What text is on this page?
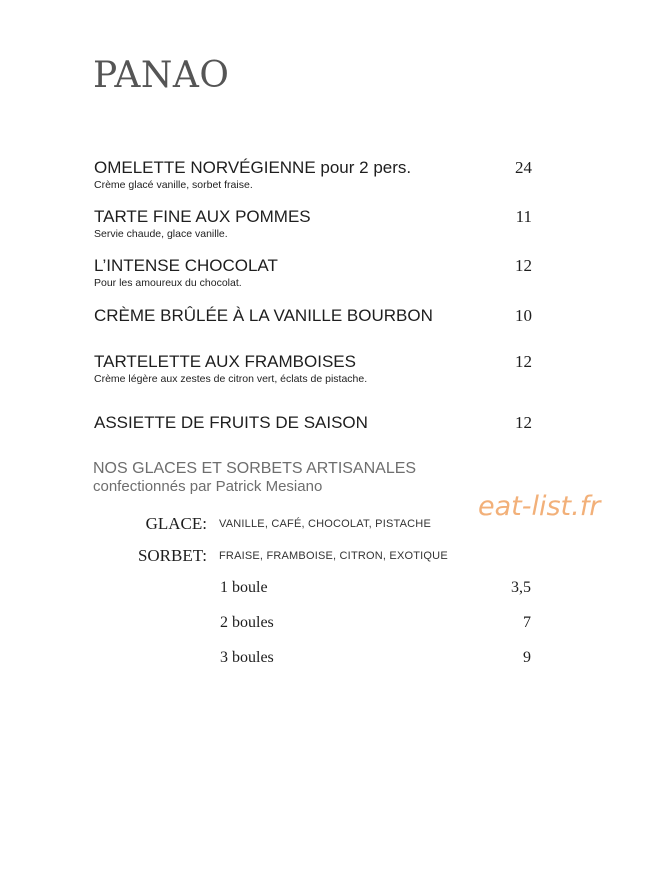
PANAO
OMELETTE NORVÉGIENNE pour 2 pers.	24
Crème glacé vanille, sorbet fraise.
TARTE FINE AUX POMMES	11
Servie chaude, glace vanille.
L’INTENSE CHOCOLAT	12
Pour les amoureux du chocolat.
CRÈME BRÛLÉE À LA VANILLE BOURBON	10
TARTELETTE AUX FRAMBOISES	12
Crème légère aux zestes de citron vert, éclats de pistache.
ASSIETTE DE FRUITS DE SAISON	12
NOS GLACES ET SORBETS ARTISANALES
confectionnés par Patrick Mesiano
eat-list.fr
GLACE: VANILLE, CAFÉ, CHOCOLAT, PISTACHE
SORBET: FRAISE, FRAMBOISE, CITRON, EXOTIQUE
1 boule	3,5
2 boules	7
3 boules	9
